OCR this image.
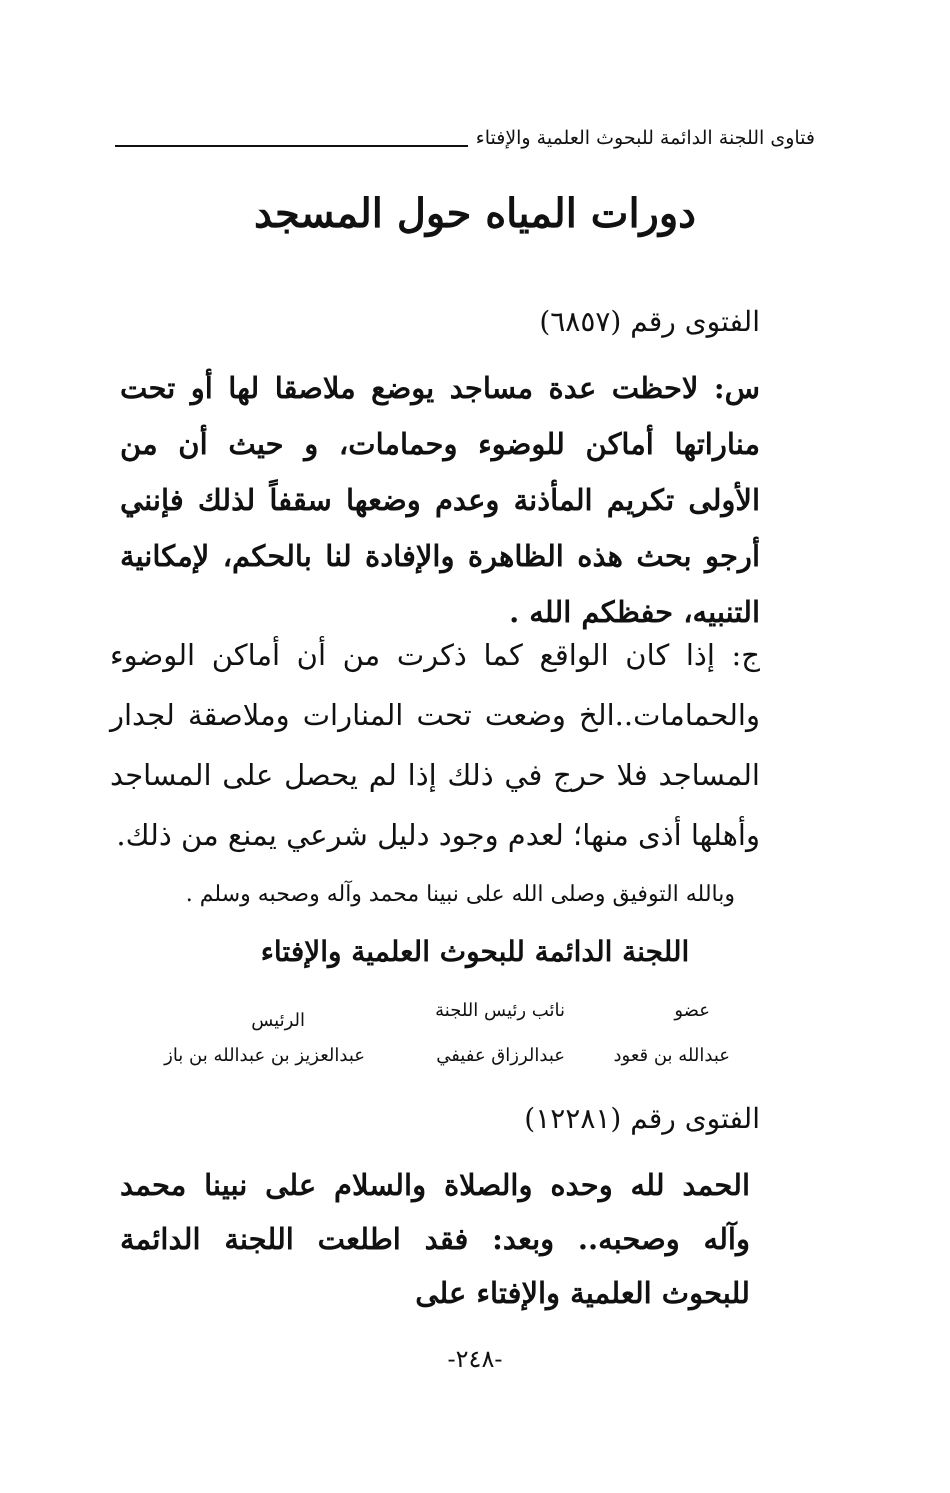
فتاوى اللجنة الدائمة للبحوث العلمية والإفتاء
دورات المياه حول المسجد
الفتوى رقم (٦٨٥٧)
س: لاحظت عدة مساجد يوضع ملاصقا لها أو تحت مناراتها أماكن للوضوء وحمامات، و حيث أن من الأولى تكريم المأذنة وعدم وضعها سقفاً لذلك فإنني أرجو بحث هذه الظاهرة والإفادة لنا بالحكم، لإمكانية التنبيه، حفظكم الله .
ج: إذا كان الواقع كما ذكرت من أن أماكن الوضوء والحمامات..الخ وضعت تحت المنارات وملاصقة لجدار المساجد فلا حرج في ذلك إذا لم يحصل على المساجد وأهلها أذى منها؛ لعدم وجود دليل شرعي يمنع من ذلك.
وبالله التوفيق وصلى الله على نبينا محمد وآله وصحبه وسلم .
اللجنة الدائمة للبحوث العلمية والإفتاء
عضو
نائب رئيس اللجنة
الرئيس
عبدالله بن قعود
عبدالرزاق عفيفي
عبدالعزيز بن عبدالله بن باز
الفتوى رقم (١٢٢٨١)
الحمد لله وحده والصلاة والسلام على نبينا محمد وآله وصحبه.. وبعد: فقد اطلعت اللجنة الدائمة للبحوث العلمية والإفتاء على
-٢٤٨-
